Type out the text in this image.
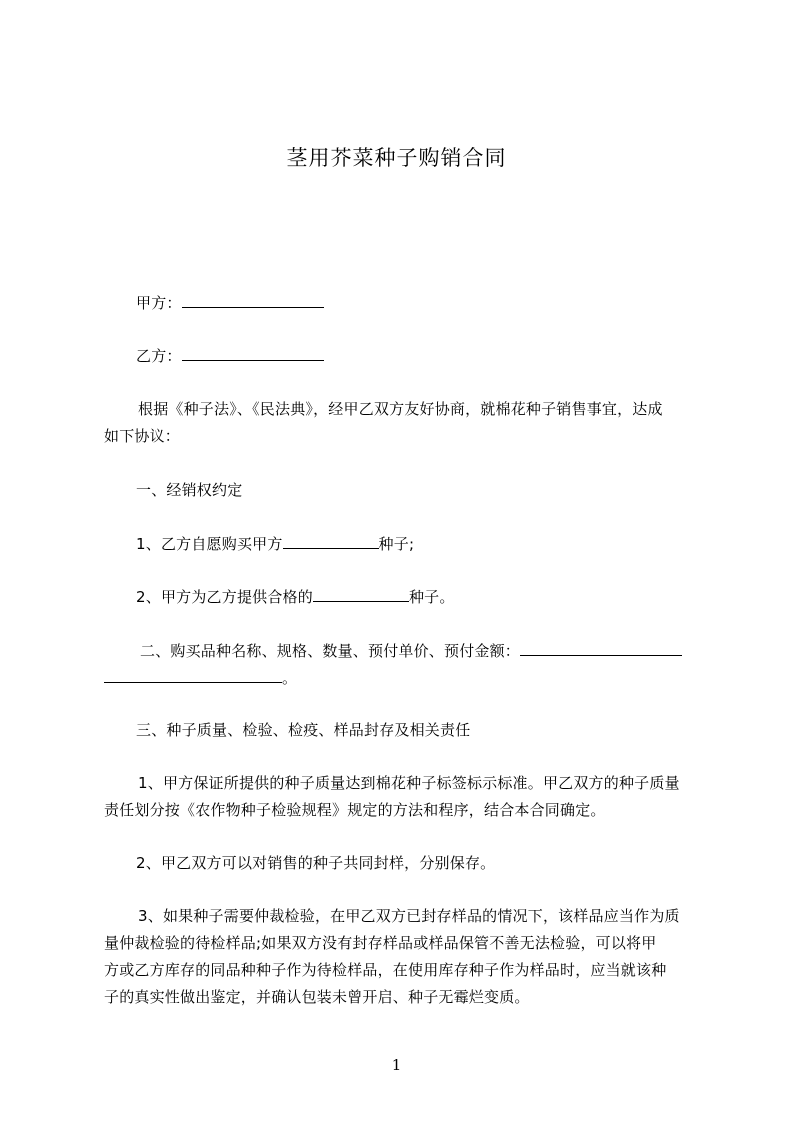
茎用芥菜种子购销合同
甲方：
乙方：
根据《种子法》、《民法典》，经甲乙双方友好协商，就棉花种子销售事宜，达成
如下协议：
一、经销权约定
1、乙方自愿购买甲方	种子;
2、甲方为乙方提供合格的	种子。
二、购买品种名称、规格、数量、预付单价、预付金额：
。
三、种子质量、检验、检疫、样品封存及相关责任
1、甲方保证所提供的种子质量达到棉花种子标签标示标准。甲乙双方的种子质量
责任划分按《农作物种子检验规程》规定的方法和程序，结合本合同确定。
2、甲乙双方可以对销售的种子共同封样，分别保存。
3、如果种子需要仲裁检验，在甲乙双方已封存样品的情况下，该样品应当作为质
量仲裁检验的待检样品;如果双方没有封存样品或样品保管不善无法检验，可以将甲
方或乙方库存的同品种种子作为待检样品，在使用库存种子作为样品时，应当就该种
子的真实性做出鉴定，并确认包装未曾开启、种子无霉烂变质。
1
